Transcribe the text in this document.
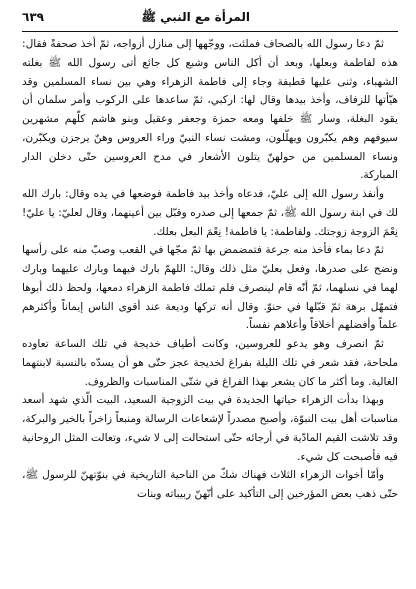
المرأة مع النبي ﷺ
٦٣٩

ثمّ دعا رسول الله بالصحاف فملئت، ووجّهها إلى منازل أزواجه، ثمّ أخذ صحفةً فقال: هذه لفاطمة وبعلها، وبعد أن أكل الناس وشبع كل جائع أتى رسول الله ﷺ بغلته الشهباء، وثنى عليها قطيفة وجاء إلى فاطمة الزهراء وهي بين نساء المسلمين وقد هيّأتها للزفاف، وأخذ بيدها وقال لها: اركبي، ثمّ ساعدها على الركوب وأمر سلمان أن يقود البغلة، وسار ﷺ خلفها ومعه حمزة وجعفر وعقيل وبنو هاشم كلّهم مشهرين سيوفهم وهم يكبّرون ويهلّلون، ومشت نساء النبيّ وراء العروس وهنّ يرجزن ويكبّرن، ونساء المسلمين من حولهنّ يتلون الأشعار في مدح العروسين حتّى دخلن الدار المباركة.

وأنفذ رسول الله إلى عليّ، فدعاه وأخذ بيد فاطمة فوضعها في يده وقال: بارك الله لك في ابنة رسول الله ﷺ، ثمّ جمعها إلى صدره وقبّل بين أعينهما، وقال لعليّ: يا عليّ! نِعْمَ الزوجة زوجتك. ولفاطمة: يا فاطمة! نِعْمَ البعل بعلك.

ثمّ دعا بماء فأخذ منه جرعة فتمضمض بها ثمّ مجّها في القعب وصبّ منه على رأسها ونضح على صدرها، وفعل بعليّ مثل ذلك وقال: اللهمّ بارك فيهما وبارك عليهما وبارك لهما في نسلهما، ثمّ أنّه قام لينصرف فلم تملك فاطمة الزهراء دمعها، ولحظ ذلك أبوها فتمهّل برهة ثمّ قبّلها في حنوّ. وقال أنه تركها وديعة عند أقوى الناس إيماناً وأكثرهم علماً وأفضلهم أخلاقاً وأعلاهم نفساً.

ثمّ انصرف وهو يدعو للعروسين، وكانت أطياف خديجة في تلك الساعة تعاوده ملحاحة، فقد شعر في تلك الليلة بفراغ لخديجة عجز حتّى هو أن يسدّه بالنسبة لابنتهما الغالية. وما أكثر ما كان يشعر بهذا الفراغ في شتّى المناسبات والظروف.

وبهذا بدأت الزهراء حياتها الجديدة في بيت الزوجية السعيد، البيت الّذي شهد أسعد مناسبات أهل بيت النبوّة، وأصبح مصدراً لإشعاعات الرسالة ومنبعاً زاخراً بالخير والبركة، وقد تلاشت القيم المادّية في أرجائه حتّى استحالت إلى لا شيء، وتعالت المثل الروحانية فيه فأصبحت كل شيء.

وأمّا أخوات الزهراء الثلاث فهناك شكّ من الناحية التاريخية في بنوّتهنّ للرسول ﷺ، حتّى ذهب بعض المؤرخين إلى التأكيد على أنّهنّ ربيباته وبنات
